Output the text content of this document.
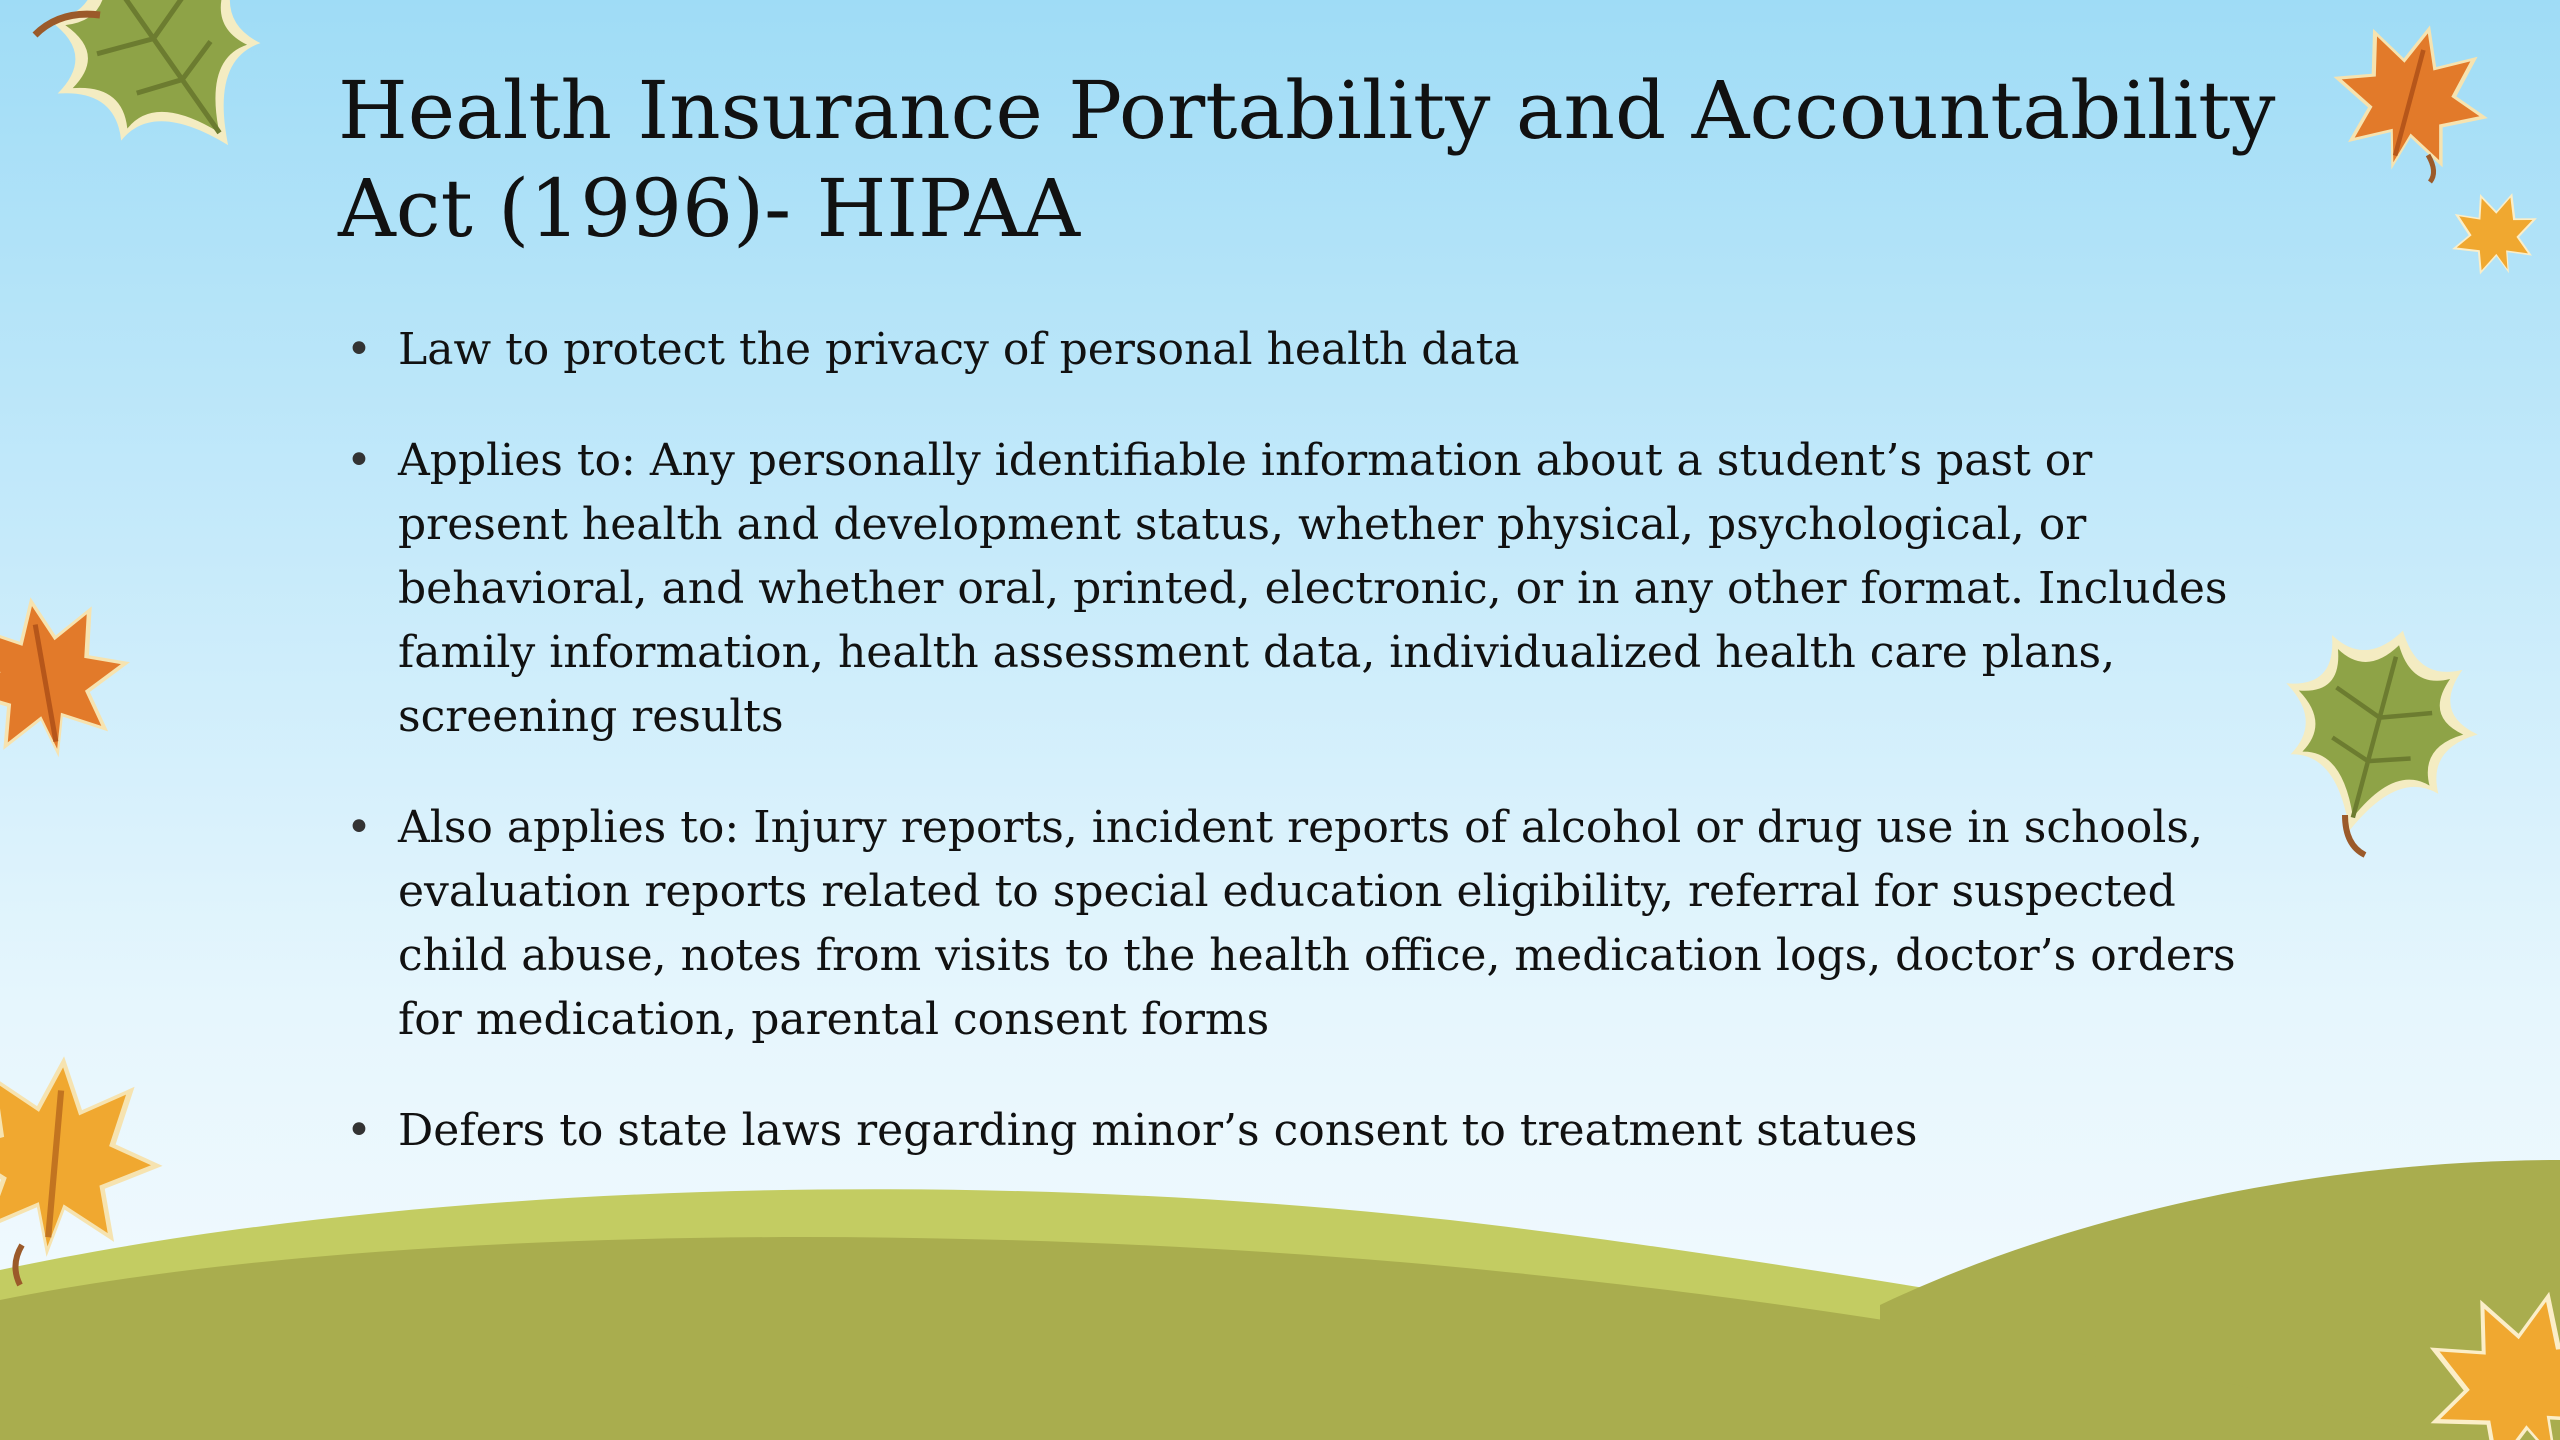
Health Insurance Portability and Accountability
Act (1996)- HIPAA
• Law to protect the privacy of personal health data
• Applies to: Any personally identifiable information about a student’s past or present health and development status, whether physical, psychological, or behavioral, and whether oral, printed, electronic, or in any other format. Includes family information, health assessment data, individualized health care plans, screening results
• Also applies to: Injury reports, incident reports of alcohol or drug use in schools, evaluation reports related to special education eligibility, referral for suspected child abuse, notes from visits to the health office, medication logs, doctor’s orders for medication, parental consent forms
• Defers to state laws regarding minor’s consent to treatment statues
